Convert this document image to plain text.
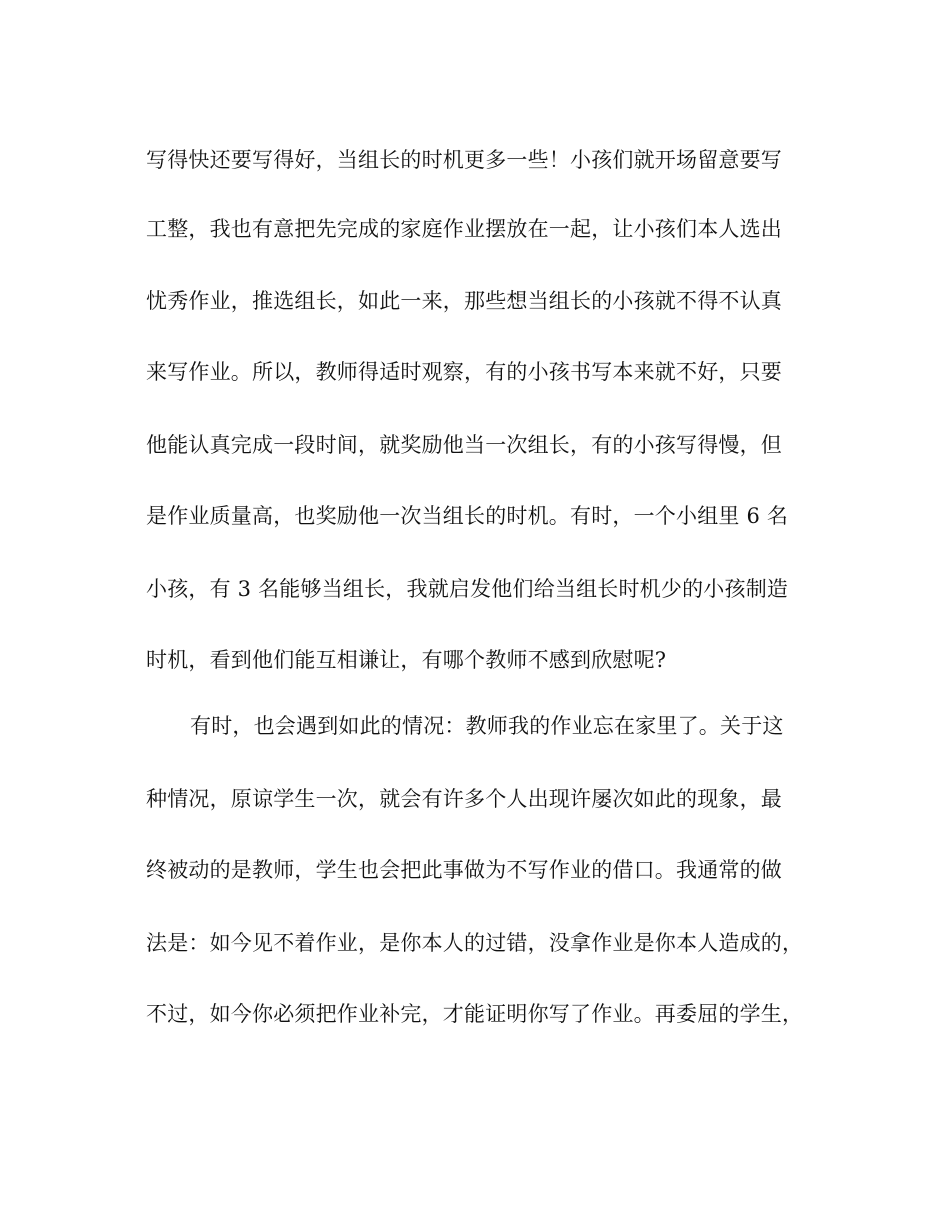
写得快还要写得好，当组长的时机更多一些！小孩们就开场留意要写
工整，我也有意把先完成的家庭作业摆放在一起，让小孩们本人选出
忧秀作业，推选组长，如此一来，那些想当组长的小孩就不得不认真
来写作业。所以，教师得适时观察，有的小孩书写本来就不好，只要
他能认真完成一段时间，就奖励他当一次组长，有的小孩写得慢，但
是作业质量高，也奖励他一次当组长的时机。有时，一个小组里 6 名
小孩，有 3 名能够当组长，我就启发他们给当组长时机少的小孩制造
时机，看到他们能互相谦让，有哪个教师不感到欣慰呢?
有时，也会遇到如此的情况：教师我的作业忘在家里了。关于这
种情况，原谅学生一次，就会有许多个人出现许屡次如此的现象，最
终被动的是教师，学生也会把此事做为不写作业的借口。我通常的做
法是：如今见不着作业，是你本人的过错，没拿作业是你本人造成的，
不过，如今你必须把作业补完，才能证明你写了作业。再委屈的学生，
